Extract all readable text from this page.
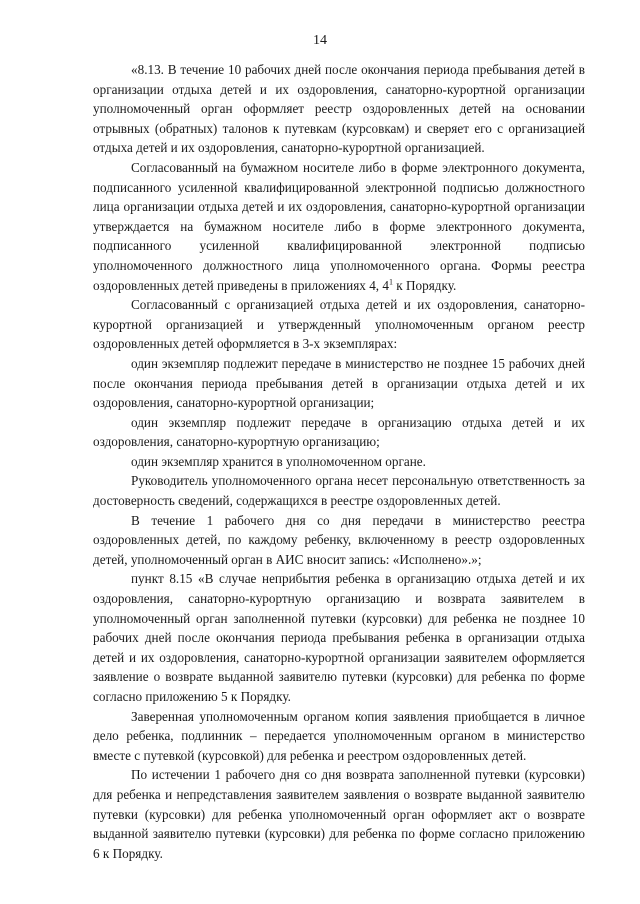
14

«8.13. В течение 10 рабочих дней после окончания периода пребывания детей в организации отдыха детей и их оздоровления, санаторно-курортной организации уполномоченный орган оформляет реестр оздоровленных детей на основании отрывных (обратных) талонов к путевкам (курсовкам) и сверяет его с организацией отдыха детей и их оздоровления, санаторно-курортной организацией.

Согласованный на бумажном носителе либо в форме электронного документа, подписанного усиленной квалифицированной электронной подписью должностного лица организации отдыха детей и их оздоровления, санаторно-курортной организации утверждается на бумажном носителе либо в форме электронного документа, подписанного усиленной квалифицированной электронной подписью уполномоченного должностного лица уполномоченного органа. Формы реестра оздоровленных детей приведены в приложениях 4, $4^1$ к Порядку.

Согласованный с организацией отдыха детей и их оздоровления, санаторно-курортной организацией и утвержденный уполномоченным органом реестр оздоровленных детей оформляется в 3-х экземплярах:

один экземпляр подлежит передаче в министерство не позднее 15 рабочих дней после окончания периода пребывания детей в организации отдыха детей и их оздоровления, санаторно-курортной организации;

один экземпляр подлежит передаче в организацию отдыха детей и их оздоровления, санаторно-курортную организацию;

один экземпляр хранится в уполномоченном органе.

Руководитель уполномоченного органа несет персональную ответственность за достоверность сведений, содержащихся в реестре оздоровленных детей.

В течение 1 рабочего дня со дня передачи в министерство реестра оздоровленных детей, по каждому ребенку, включенному в реестр оздоровленных детей, уполномоченный орган в АИС вносит запись: «Исполнено».»;

пункт 8.15 «В случае неприбытия ребенка в организацию отдыха детей и их оздоровления, санаторно-курортную организацию и возврата заявителем в уполномоченный орган заполненной путевки (курсовки) для ребенка не позднее 10 рабочих дней после окончания периода пребывания ребенка в организации отдыха детей и их оздоровления, санаторно-курортной организации заявителем оформляется заявление о возврате выданной заявителю путевки (курсовки) для ребенка по форме согласно приложению 5 к Порядку.

Заверенная уполномоченным органом копия заявления приобщается в личное дело ребенка, подлинник – передается уполномоченным органом в министерство вместе с путевкой (курсовкой) для ребенка и реестром оздоровленных детей.

По истечении 1 рабочего дня со дня возврата заполненной путевки (курсовки) для ребенка и непредставления заявителем заявления о возврате выданной заявителю путевки (курсовки) для ребенка уполномоченный орган оформляет акт о возврате выданной заявителю путевки (курсовки) для ребенка по форме согласно приложению 6 к Порядку.
